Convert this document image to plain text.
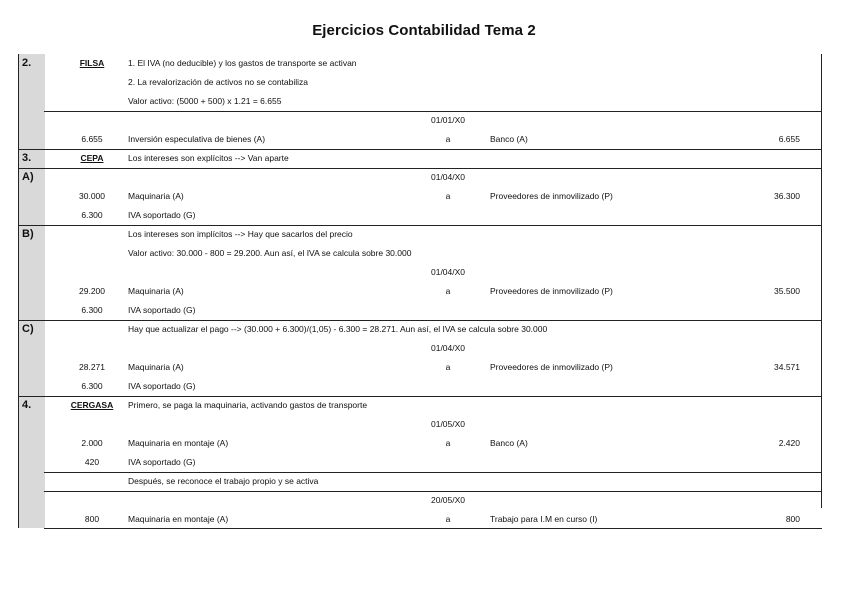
Ejercicios Contabilidad Tema 2
2.	FILSA	1. El IVA (no deducible) y los gastos de transporte se activan
2. La revalorización de activos no se contabiliza
Valor activo: (5000 + 500) x 1.21 = 6.655
01/01/X0
6.655	Inversión especulativa de bienes (A)	a	Banco (A)	6.655
3.	CEPA	Los intereses son explícitos --> Van aparte
A)	01/04/X0
30.000	Maquinaria (A)	a	Proveedores de inmovilizado (P)	36.300
6.300	IVA soportado (G)
B)	Los intereses son implícitos --> Hay que sacarlos del precio
Valor activo: 30.000 - 800 = 29.200. Aun así, el IVA se calcula sobre 30.000
01/04/X0
29.200	Maquinaria (A)	a	Proveedores de inmovilizado (P)	35.500
6.300	IVA soportado (G)
C)	Hay que actualizar el pago --> (30.000 + 6.300)/(1,05) - 6.300 = 28.271. Aun así, el IVA se calcula sobre 30.000
01/04/X0
28.271	Maquinaria (A)	a	Proveedores de inmovilizado (P)	34.571
6.300	IVA soportado (G)
4.	CERGASA	Primero, se paga la maquinaria, activando gastos de transporte
01/05/X0
2.000	Maquinaria en montaje (A)	a	Banco (A)	2.420
420	IVA soportado (G)
Después, se reconoce el trabajo propio y se activa
20/05/X0
800	Maquinaria en montaje (A)	a	Trabajo para I.M en curso (I)	800
